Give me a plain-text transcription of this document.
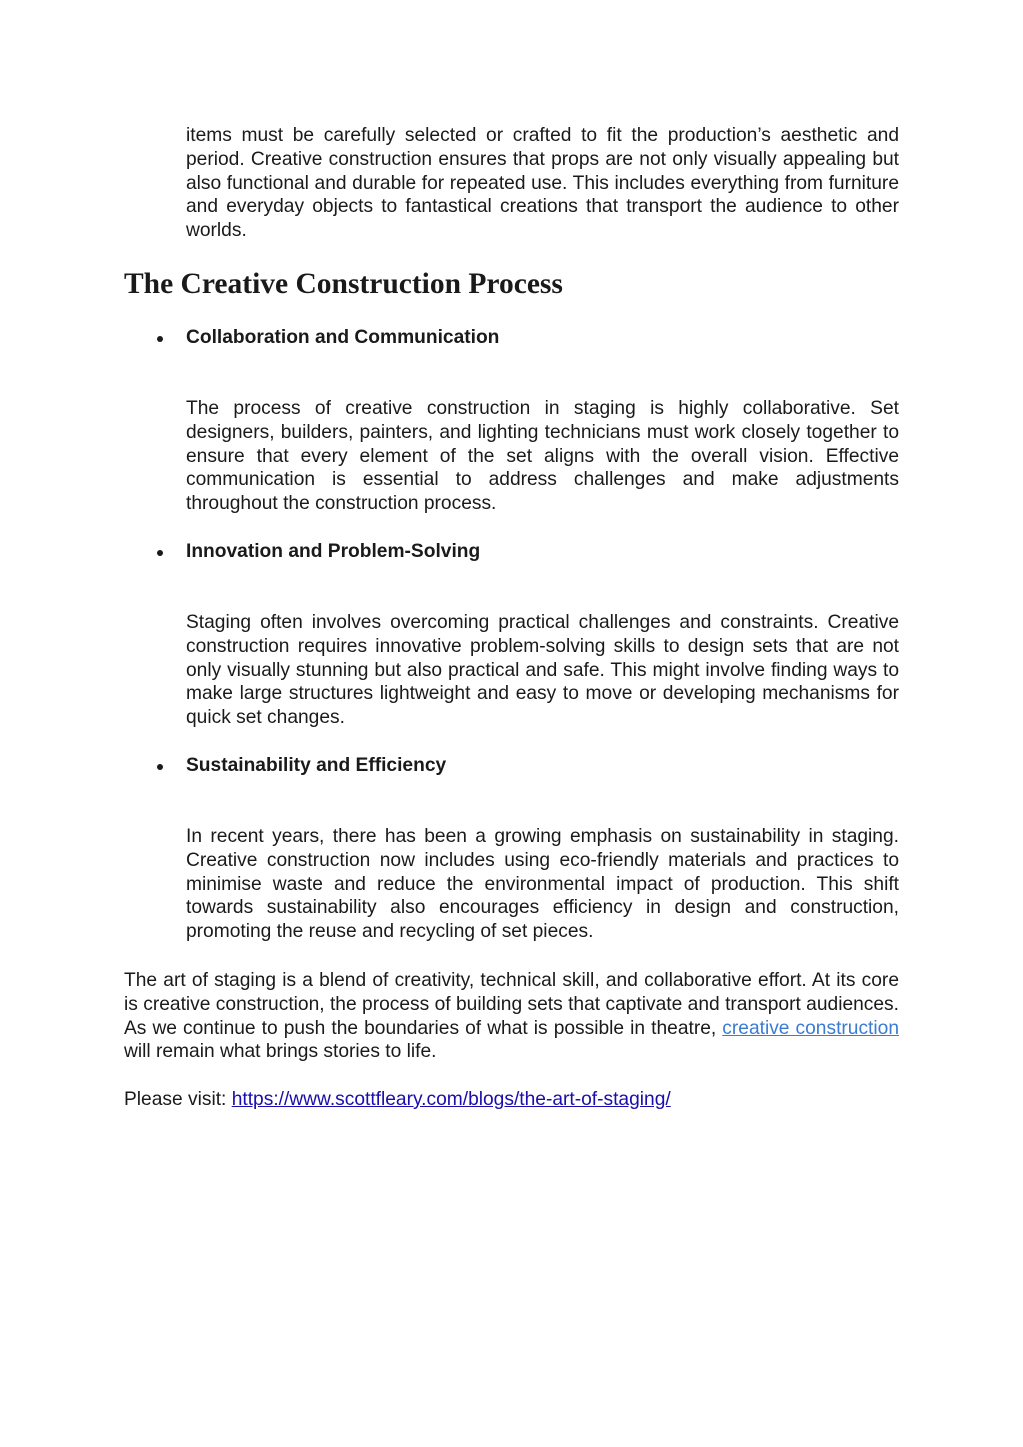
items must be carefully selected or crafted to fit the production’s aesthetic and period. Creative construction ensures that props are not only visually appealing but also functional and durable for repeated use. This includes everything from furniture and everyday objects to fantastical creations that transport the audience to other worlds.

The Creative Construction Process
Collaboration and Communication

The process of creative construction in staging is highly collaborative. Set designers, builders, painters, and lighting technicians must work closely together to ensure that every element of the set aligns with the overall vision. Effective communication is essential to address challenges and make adjustments throughout the construction process.

Innovation and Problem-Solving

Staging often involves overcoming practical challenges and constraints. Creative construction requires innovative problem-solving skills to design sets that are not only visually stunning but also practical and safe. This might involve finding ways to make large structures lightweight and easy to move or developing mechanisms for quick set changes.

Sustainability and Efficiency

In recent years, there has been a growing emphasis on sustainability in staging. Creative construction now includes using eco-friendly materials and practices to minimise waste and reduce the environmental impact of production. This shift towards sustainability also encourages efficiency in design and construction, promoting the reuse and recycling of set pieces.

The art of staging is a blend of creativity, technical skill, and collaborative effort. At its core is creative construction, the process of building sets that captivate and transport audiences. As we continue to push the boundaries of what is possible in theatre, creative construction will remain what brings stories to life.

Please visit: https://www.scottfleary.com/blogs/the-art-of-staging/
